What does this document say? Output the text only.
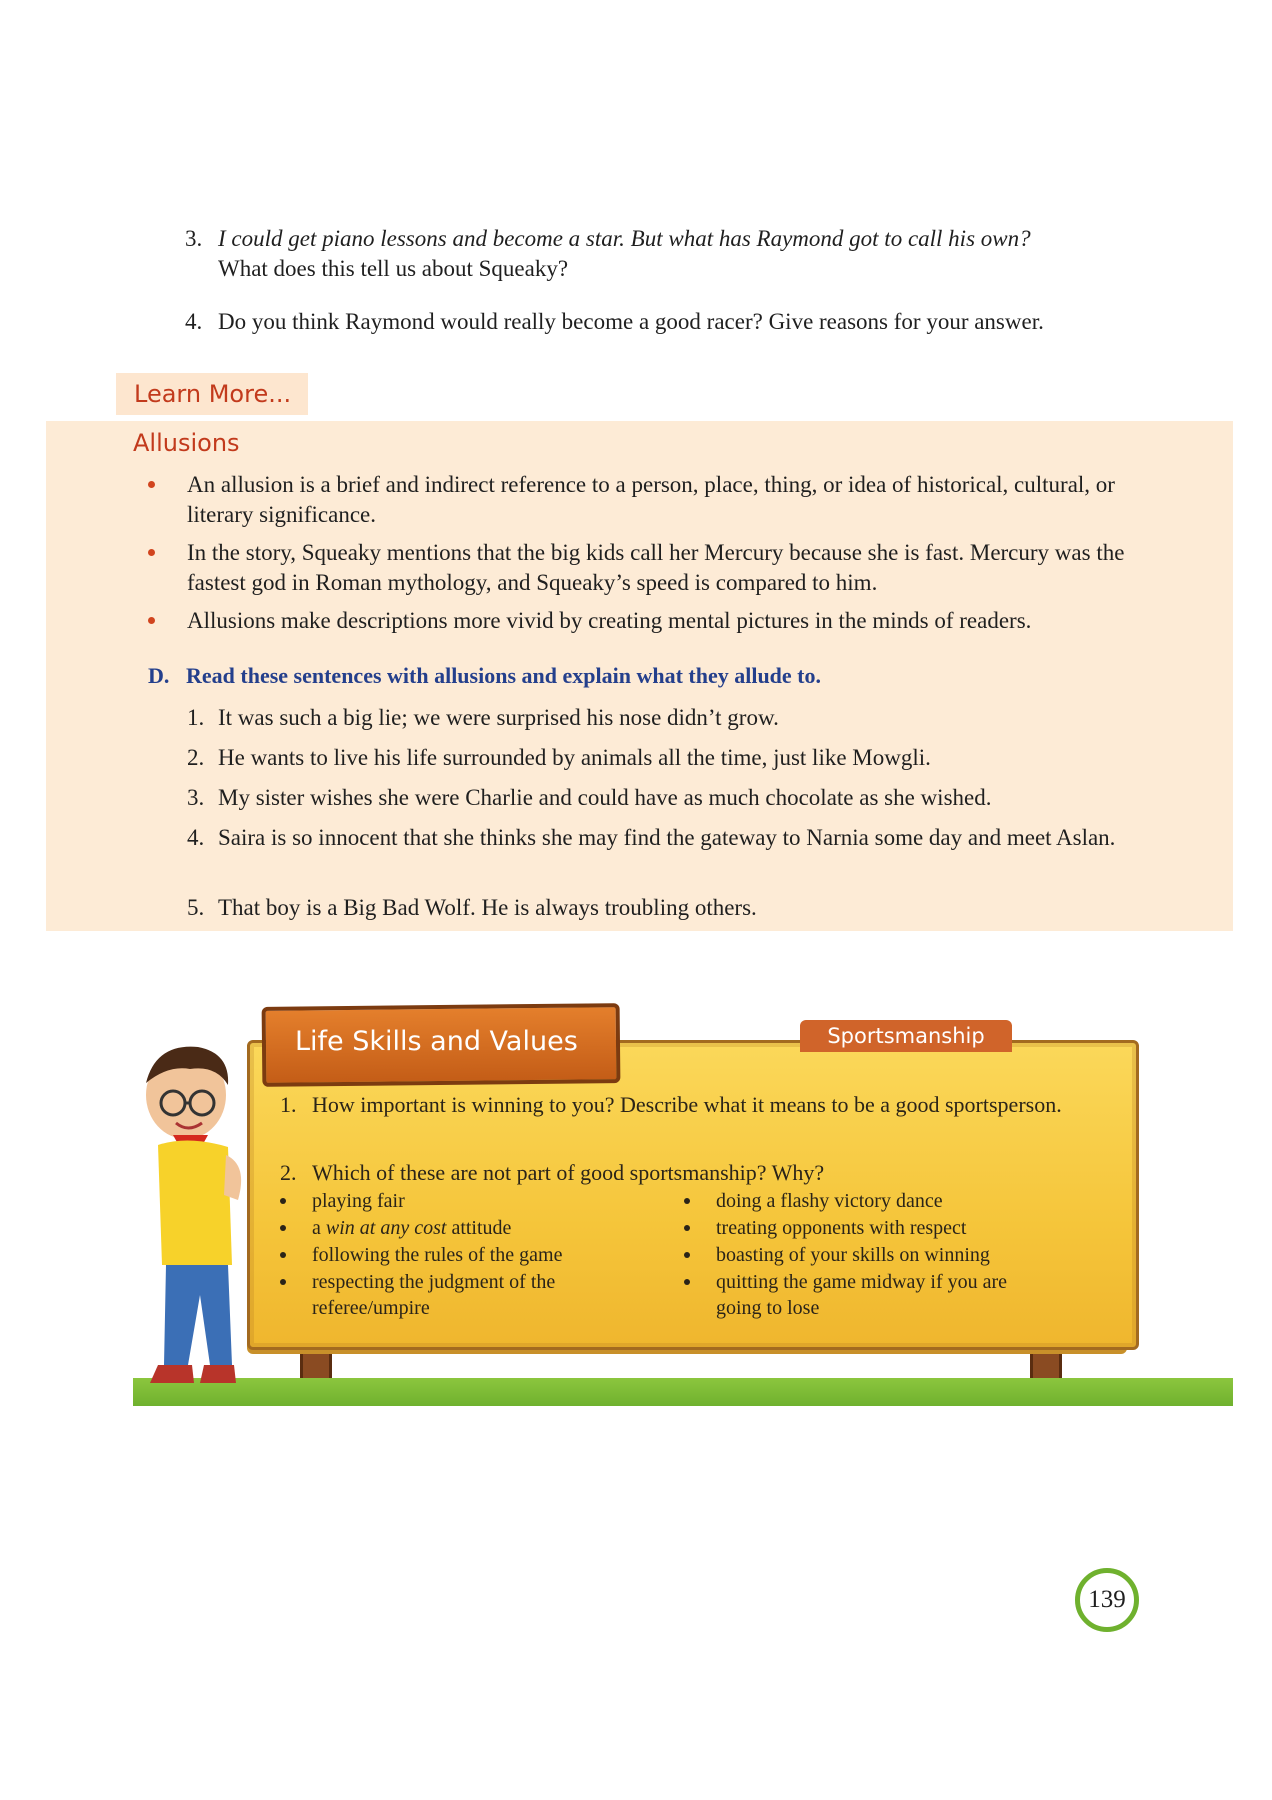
3. I could get piano lessons and become a star. But what has Raymond got to call his own?
What does this tell us about Squeaky?
4. Do you think Raymond would really become a good racer? Give reasons for your answer.
Learn More...
Allusions
An allusion is a brief and indirect reference to a person, place, thing, or idea of historical, cultural, or literary significance.
In the story, Squeaky mentions that the big kids call her Mercury because she is fast. Mercury was the fastest god in Roman mythology, and Squeaky’s speed is compared to him.
Allusions make descriptions more vivid by creating mental pictures in the minds of readers.
D. Read these sentences with allusions and explain what they allude to.
1. It was such a big lie; we were surprised his nose didn’t grow.
2. He wants to live his life surrounded by animals all the time, just like Mowgli.
3. My sister wishes she were Charlie and could have as much chocolate as she wished.
4. Saira is so innocent that she thinks she may find the gateway to Narnia some day and meet Aslan.
5. That boy is a Big Bad Wolf. He is always troubling others.
Life Skills and Values	Sportsmanship
1. How important is winning to you? Describe what it means to be a good sportsperson.
2. Which of these are not part of good sportsmanship? Why?
playing fair
a win at any cost attitude
following the rules of the game
respecting the judgment of the referee/umpire
doing a flashy victory dance
treating opponents with respect
boasting of your skills on winning
quitting the game midway if you are going to lose
139
